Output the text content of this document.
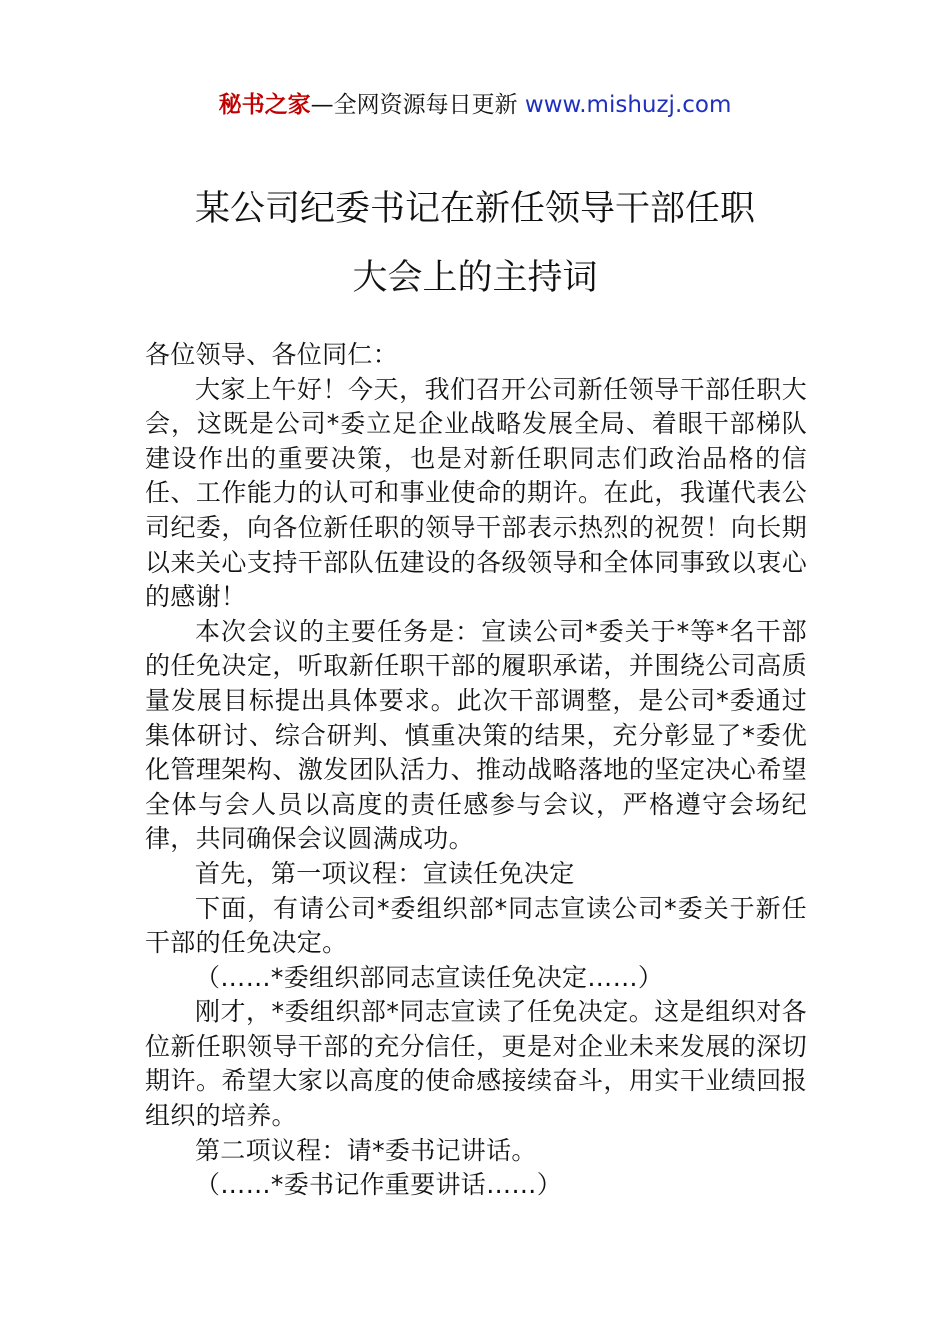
秘书之家—全网资源每日更新 www.mishuzj.com
某公司纪委书记在新任领导干部任职
大会上的主持词

各位领导、各位同仁：

大家上午好！今天，我们召开公司新任领导干部任职大会，这既是公司*委立足企业战略发展全局、着眼干部梯队建设作出的重要决策，也是对新任职同志们政治品格的信任、工作能力的认可和事业使命的期许。在此，我谨代表公司纪委，向各位新任职的领导干部表示热烈的祝贺！向长期以来关心支持干部队伍建设的各级领导和全体同事致以衷心的感谢！

本次会议的主要任务是：宣读公司*委关于*等*名干部的任免决定，听取新任职干部的履职承诺，并围绕公司高质量发展目标提出具体要求。此次干部调整，是公司*委通过集体研讨、综合研判、慎重决策的结果，充分彰显了*委优化管理架构、激发团队活力、推动战略落地的坚定决心希望全体与会人员以高度的责任感参与会议，严格遵守会场纪律，共同确保会议圆满成功。

首先，第一项议程：宣读任免决定

下面，有请公司*委组织部*同志宣读公司*委关于新任干部的任免决定。

（……*委组织部同志宣读任免决定……）

刚才，*委组织部*同志宣读了任免决定。这是组织对各位新任职领导干部的充分信任，更是对企业未来发展的深切期许。希望大家以高度的使命感接续奋斗，用实干业绩回报组织的培养。

第二项议程：请*委书记讲话。

（……*委书记作重要讲话……）
